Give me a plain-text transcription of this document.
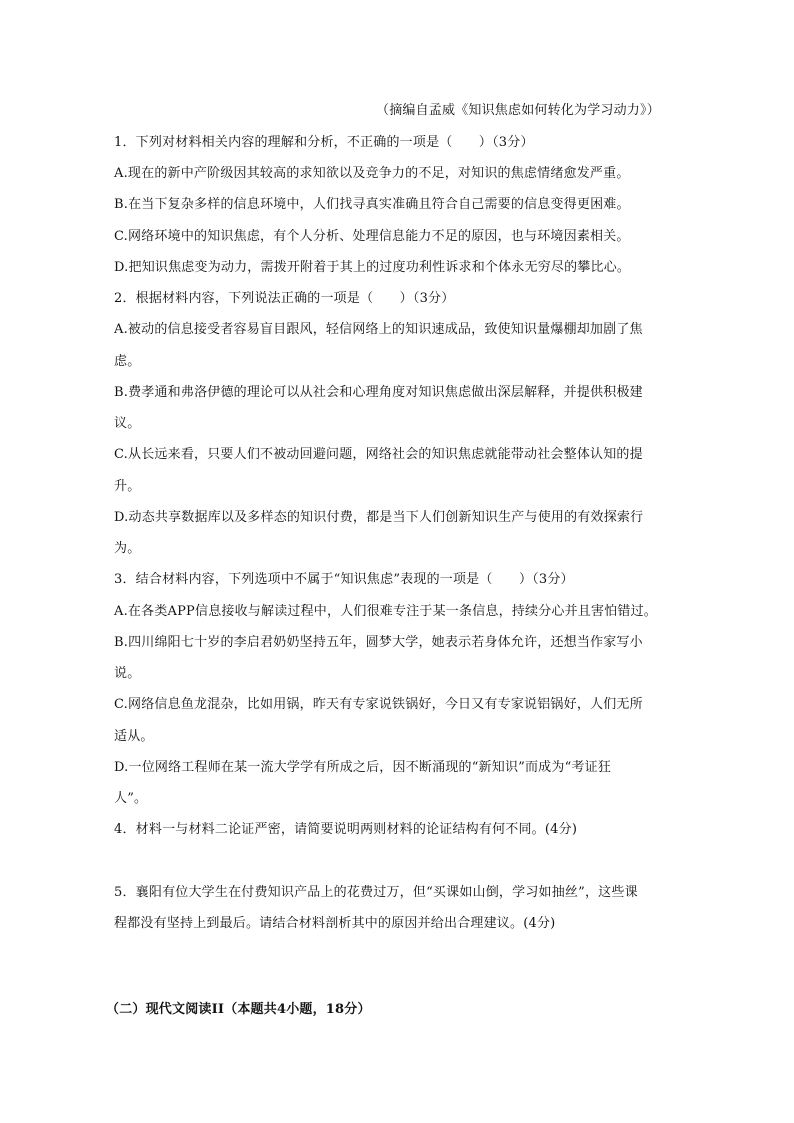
（摘编自孟威《知识焦虑如何转化为学习动力》）
1．下列对材料相关内容的理解和分析，不正确的一项是（　　）（3分）
A.现在的新中产阶级因其较高的求知欲以及竞争力的不足，对知识的焦虑情绪愈发严重。
B.在当下复杂多样的信息环境中，人们找寻真实准确且符合自己需要的信息变得更困难。
C.网络环境中的知识焦虑，有个人分析、处理信息能力不足的原因，也与环境因素相关。
D.把知识焦虑变为动力，需拨开附着于其上的过度功利性诉求和个体永无穷尽的攀比心。
2．根据材料内容，下列说法正确的一项是（　　）（3分）
A.被动的信息接受者容易盲目跟风，轻信网络上的知识速成品，致使知识量爆棚却加剧了焦
虑。
B.费孝通和弗洛伊德的理论可以从社会和心理角度对知识焦虑做出深层解释，并提供积极建
议。
C.从长远来看，只要人们不被动回避问题，网络社会的知识焦虑就能带动社会整体认知的提
升。
D.动态共享数据库以及多样态的知识付费，都是当下人们创新知识生产与使用的有效探索行
为。
3．结合材料内容，下列选项中不属于“知识焦虑”表现的一项是（　　）（3分）
A.在各类APP信息接收与解读过程中，人们很难专注于某一条信息，持续分心并且害怕错过。
B.四川绵阳七十岁的李启君奶奶坚持五年，圆梦大学，她表示若身体允许，还想当作家写小
说。
C.网络信息鱼龙混杂，比如用锅，昨天有专家说铁锅好，今日又有专家说铝锅好，人们无所
适从。
D.一位网络工程师在某一流大学学有所成之后，因不断涌现的“新知识”而成为“考证狂
人”。
4．材料一与材料二论证严密，请简要说明两则材料的论证结构有何不同。(4分)
5．襄阳有位大学生在付费知识产品上的花费过万，但“买课如山倒，学习如抽丝”，这些课
程都没有坚持上到最后。请结合材料剖析其中的原因并给出合理建议。(4分)
（二）现代文阅读II（本题共4小题，18分）
